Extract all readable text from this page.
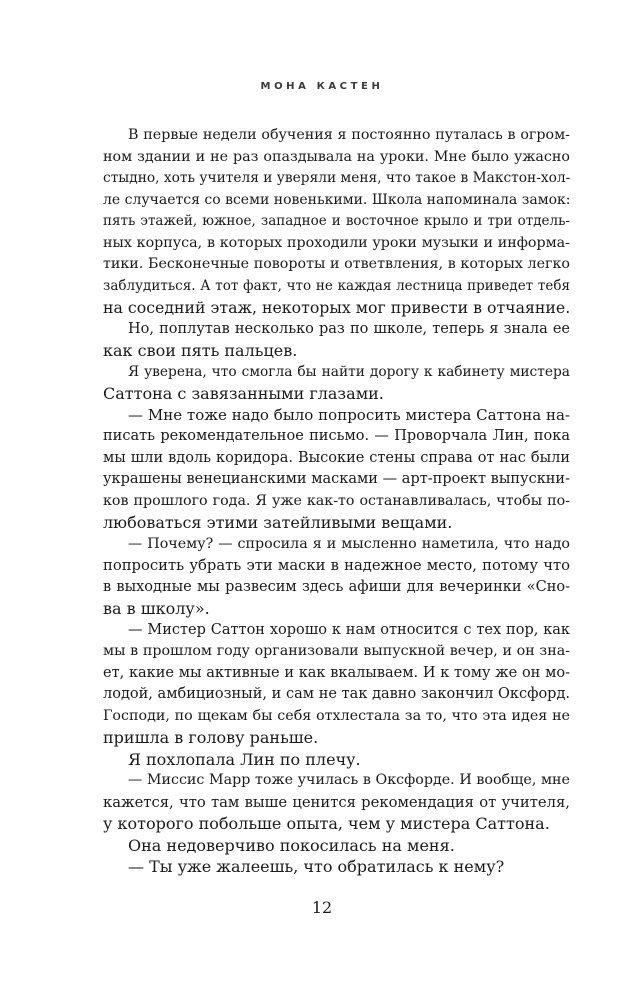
МОНА КАСТЕН
В первые недели обучения я постоянно путалась в огром-
ном здании и не раз опаздывала на уроки. Мне было ужасно
стыдно, хоть учителя и уверяли меня, что такое в Макстон-хол-
ле случается со всеми новенькими. Школа напоминала замок:
пять этажей, южное, западное и восточное крыло и три отдель-
ных корпуса, в которых проходили уроки музыки и информа-
тики. Бесконечные повороты и ответвления, в которых легко
заблудиться. А тот факт, что не каждая лестница приведет тебя
на соседний этаж, некоторых мог привести в отчаяние.
Но, поплутав несколько раз по школе, теперь я знала ее
как свои пять пальцев.
Я уверена, что смогла бы найти дорогу к кабинету мистера
Саттона с завязанными глазами.
— Мне тоже надо было попросить мистера Саттона на-
писать рекомендательное письмо. — Проворчала Лин, пока
мы шли вдоль коридора. Высокие стены справа от нас были
украшены венецианскими масками — арт-проект выпускни-
ков прошлого года. Я уже как-то останавливалась, чтобы по-
любоваться этими затейливыми вещами.
— Почему? — спросила я и мысленно наметила, что надо
попросить убрать эти маски в надежное место, потому что
в выходные мы развесим здесь афиши для вечеринки «Сно-
ва в школу».
— Мистер Саттон хорошо к нам относится с тех пор, как
мы в прошлом году организовали выпускной вечер, и он зна-
ет, какие мы активные и как вкалываем. И к тому же он мо-
лодой, амбициозный, и сам не так давно закончил Оксфорд.
Господи, по щекам бы себя отхлестала за то, что эта идея не
пришла в голову раньше.
Я похлопала Лин по плечу.
— Миссис Марр тоже училась в Оксфорде. И вообще, мне
кажется, что там выше ценится рекомендация от учителя,
у которого побольше опыта, чем у мистера Саттона.
Она недоверчиво покосилась на меня.
— Ты уже жалеешь, что обратилась к нему?
12
